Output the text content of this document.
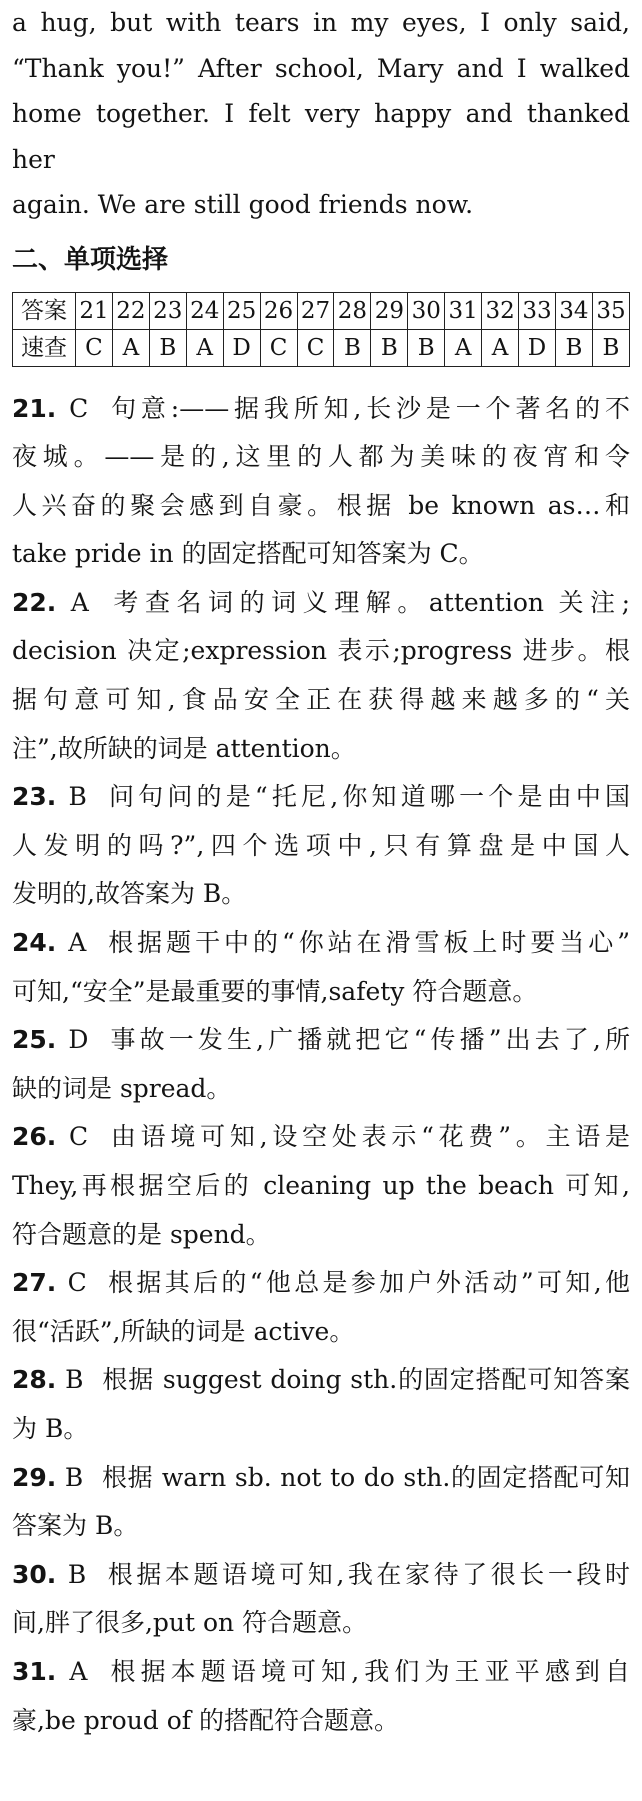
a hug, but with tears in my eyes, I only said,

“Thank you!” After school, Mary and I walked

home together. I felt very happy and thanked her

again. We are still good friends now.

二、单项选择
答案	21	22	23	24	25	26	27	28	29	30	31	32	33	34	35
速查	C	A	B	A	D	C	C	B	B	B	A	A	D	B	B
21. C 句意:——据我所知,长沙是一个著名的不
夜城。——是的,这里的人都为美味的夜宵和令
人兴奋的聚会感到自豪。根据 be known as…和
take pride in 的固定搭配可知答案为 C。
22. A 考查名词的词义理解。attention 关注;
decision 决定;expression 表示;progress 进步。根
据句意可知,食品安全正在获得越来越多的“关
注”,故所缺的词是 attention。
23. B 问句问的是“托尼,你知道哪一个是由中国
人发明的吗?”,四个选项中,只有算盘是中国人
发明的,故答案为 B。
24. A 根据题干中的“你站在滑雪板上时要当心”
可知,“安全”是最重要的事情,safety 符合题意。
25. D 事故一发生,广播就把它“传播”出去了,所
缺的词是 spread。
26. C 由语境可知,设空处表示“花费”。主语是
They,再根据空后的 cleaning up the beach 可知,
符合题意的是 spend。
27. C 根据其后的“他总是参加户外活动”可知,他
很“活跃”,所缺的词是 active。
28. B 根据 suggest doing sth.的固定搭配可知答案
为 B。
29. B 根据 warn sb. not to do sth.的固定搭配可知
答案为 B。
30. B 根据本题语境可知,我在家待了很长一段时
间,胖了很多,put on 符合题意。
31. A 根据本题语境可知,我们为王亚平感到自
豪,be proud of 的搭配符合题意。
